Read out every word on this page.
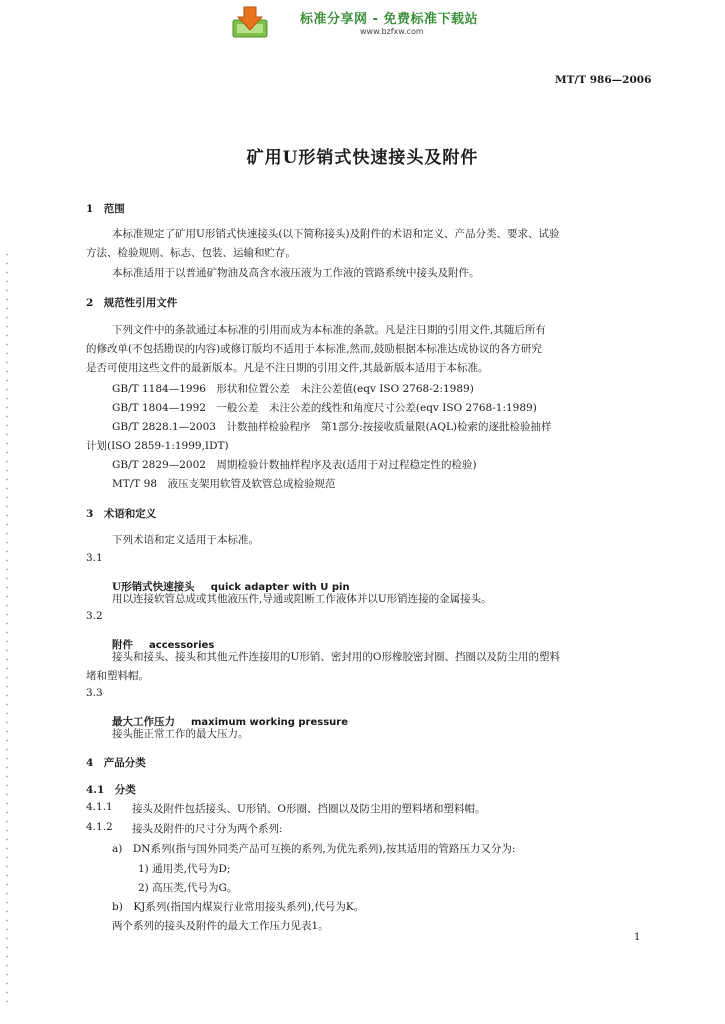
标准分享网 - 免费标准下载站
www.bzfxw.com
MT/T 986—2006
矿用U形销式快速接头及附件
1　范围
本标准规定了矿用U形销式快速接头(以下简称接头)及附件的术语和定义、产品分类、要求、试验
方法、检验规则、标志、包装、运输和贮存。
本标准适用于以普通矿物油及高含水液压液为工作液的管路系统中接头及附件。
2　规范性引用文件
下列文件中的条款通过本标准的引用而成为本标准的条款。凡是注日期的引用文件,其随后所有
的修改单(不包括勘误的内容)或修订版均不适用于本标准,然而,鼓励根据本标准达成协议的各方研究
是否可使用这些文件的最新版本。凡是不注日期的引用文件,其最新版本适用于本标准。
GB/T 1184—1996　形状和位置公差　未注公差值(eqv ISO 2768-2:1989)
GB/T 1804—1992　一般公差　未注公差的线性和角度尺寸公差(eqv ISO 2768-1:1989)
GB/T 2828.1—2003　计数抽样检验程序　第1部分:按接收质量限(AQL)检索的逐批检验抽样
计划(ISO 2859-1:1999,IDT)
GB/T 2829—2002　周期检验计数抽样程序及表(适用于对过程稳定性的检验)
MT/T 98　液压支架用软管及软管总成检验规范
3　术语和定义
下列术语和定义适用于本标准。
3.1
U形销式快速接头　 quick adapter with U pin
用以连接软管总成或其他液压件,导通或阻断工作液体并以U形销连接的金属接头。
3.2
附件　 accessories
接头和接头、接头和其他元件连接用的U形销、密封用的O形橡胶密封圈、挡圈以及防尘用的塑料
堵和塑料帽。
3.3
最大工作压力　 maximum working pressure
接头能正常工作的最大压力。
4　产品分类
4.1　分类
4.1.1 接头及附件包括接头、U形销、O形圈、挡圈以及防尘用的塑料堵和塑料帽。
4.1.2 接头及附件的尺寸分为两个系列:
a)　DN系列(指与国外同类产品可互换的系列,为优先系列),按其适用的管路压力又分为:
1) 通用类,代号为D;
2) 高压类,代号为G。
b)　KJ系列(指国内煤炭行业常用接头系列),代号为K。
两个系列的接头及附件的最大工作压力见表1。
1
